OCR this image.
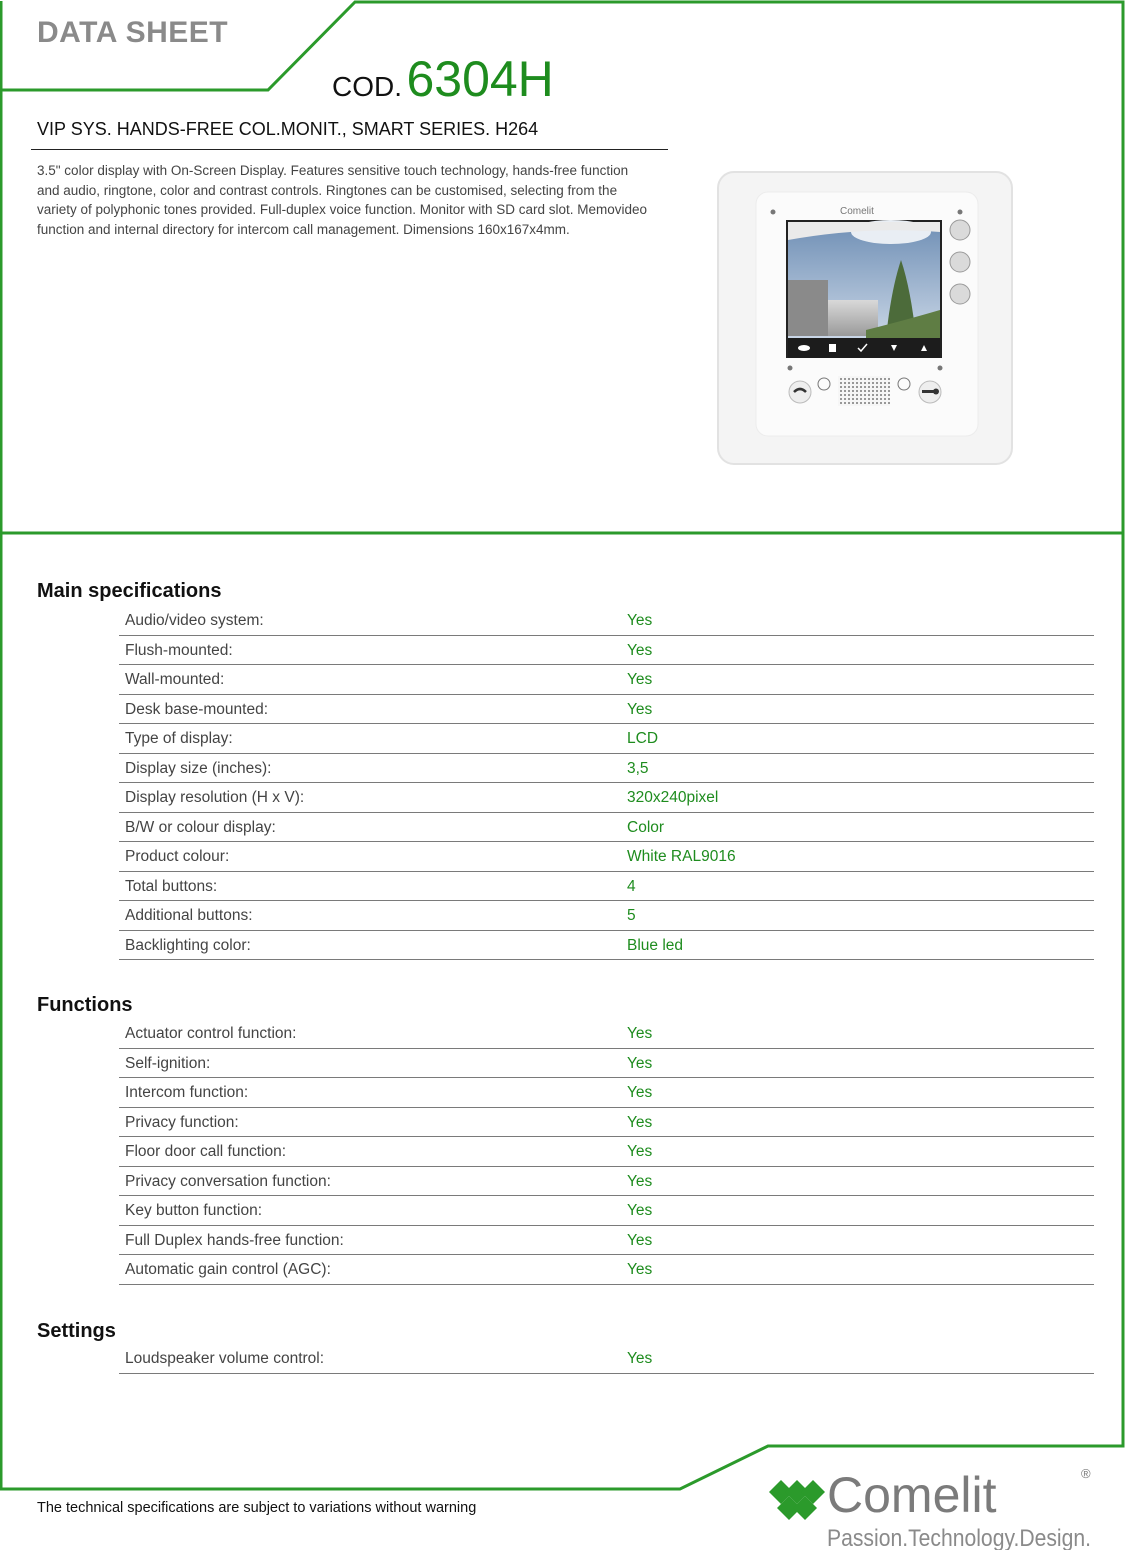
DATA SHEET
COD. 6304H
VIP SYS. HANDS-FREE COL.MONIT., SMART SERIES. H264
3.5" color display with On-Screen Display. Features sensitive touch technology, hands-free function and audio, ringtone, color and contrast controls. Ringtones can be customised, selecting from the variety of polyphonic tones provided. Full-duplex voice function. Monitor with SD card slot. Memovideo function and internal directory for intercom call management. Dimensions 160x167x4mm.
Comelit
Main specifications
Audio/video system:	Yes
Flush-mounted:	Yes
Wall-mounted:	Yes
Desk base-mounted:	Yes
Type of display:	LCD
Display size (inches):	3,5
Display resolution (H x V):	320x240pixel
B/W or colour display:	Color
Product colour:	White RAL9016
Total buttons:	4
Additional buttons:	5
Backlighting color:	Blue led
Functions
Actuator control function:	Yes
Self-ignition:	Yes
Intercom function:	Yes
Privacy function:	Yes
Floor door call function:	Yes
Privacy conversation function:	Yes
Key button function:	Yes
Full Duplex hands-free function:	Yes
Automatic gain control (AGC):	Yes
Settings
Loudspeaker volume control:	Yes
The technical specifications are subject to variations without warning	Comelit	®
Passion.Technology.Design.
